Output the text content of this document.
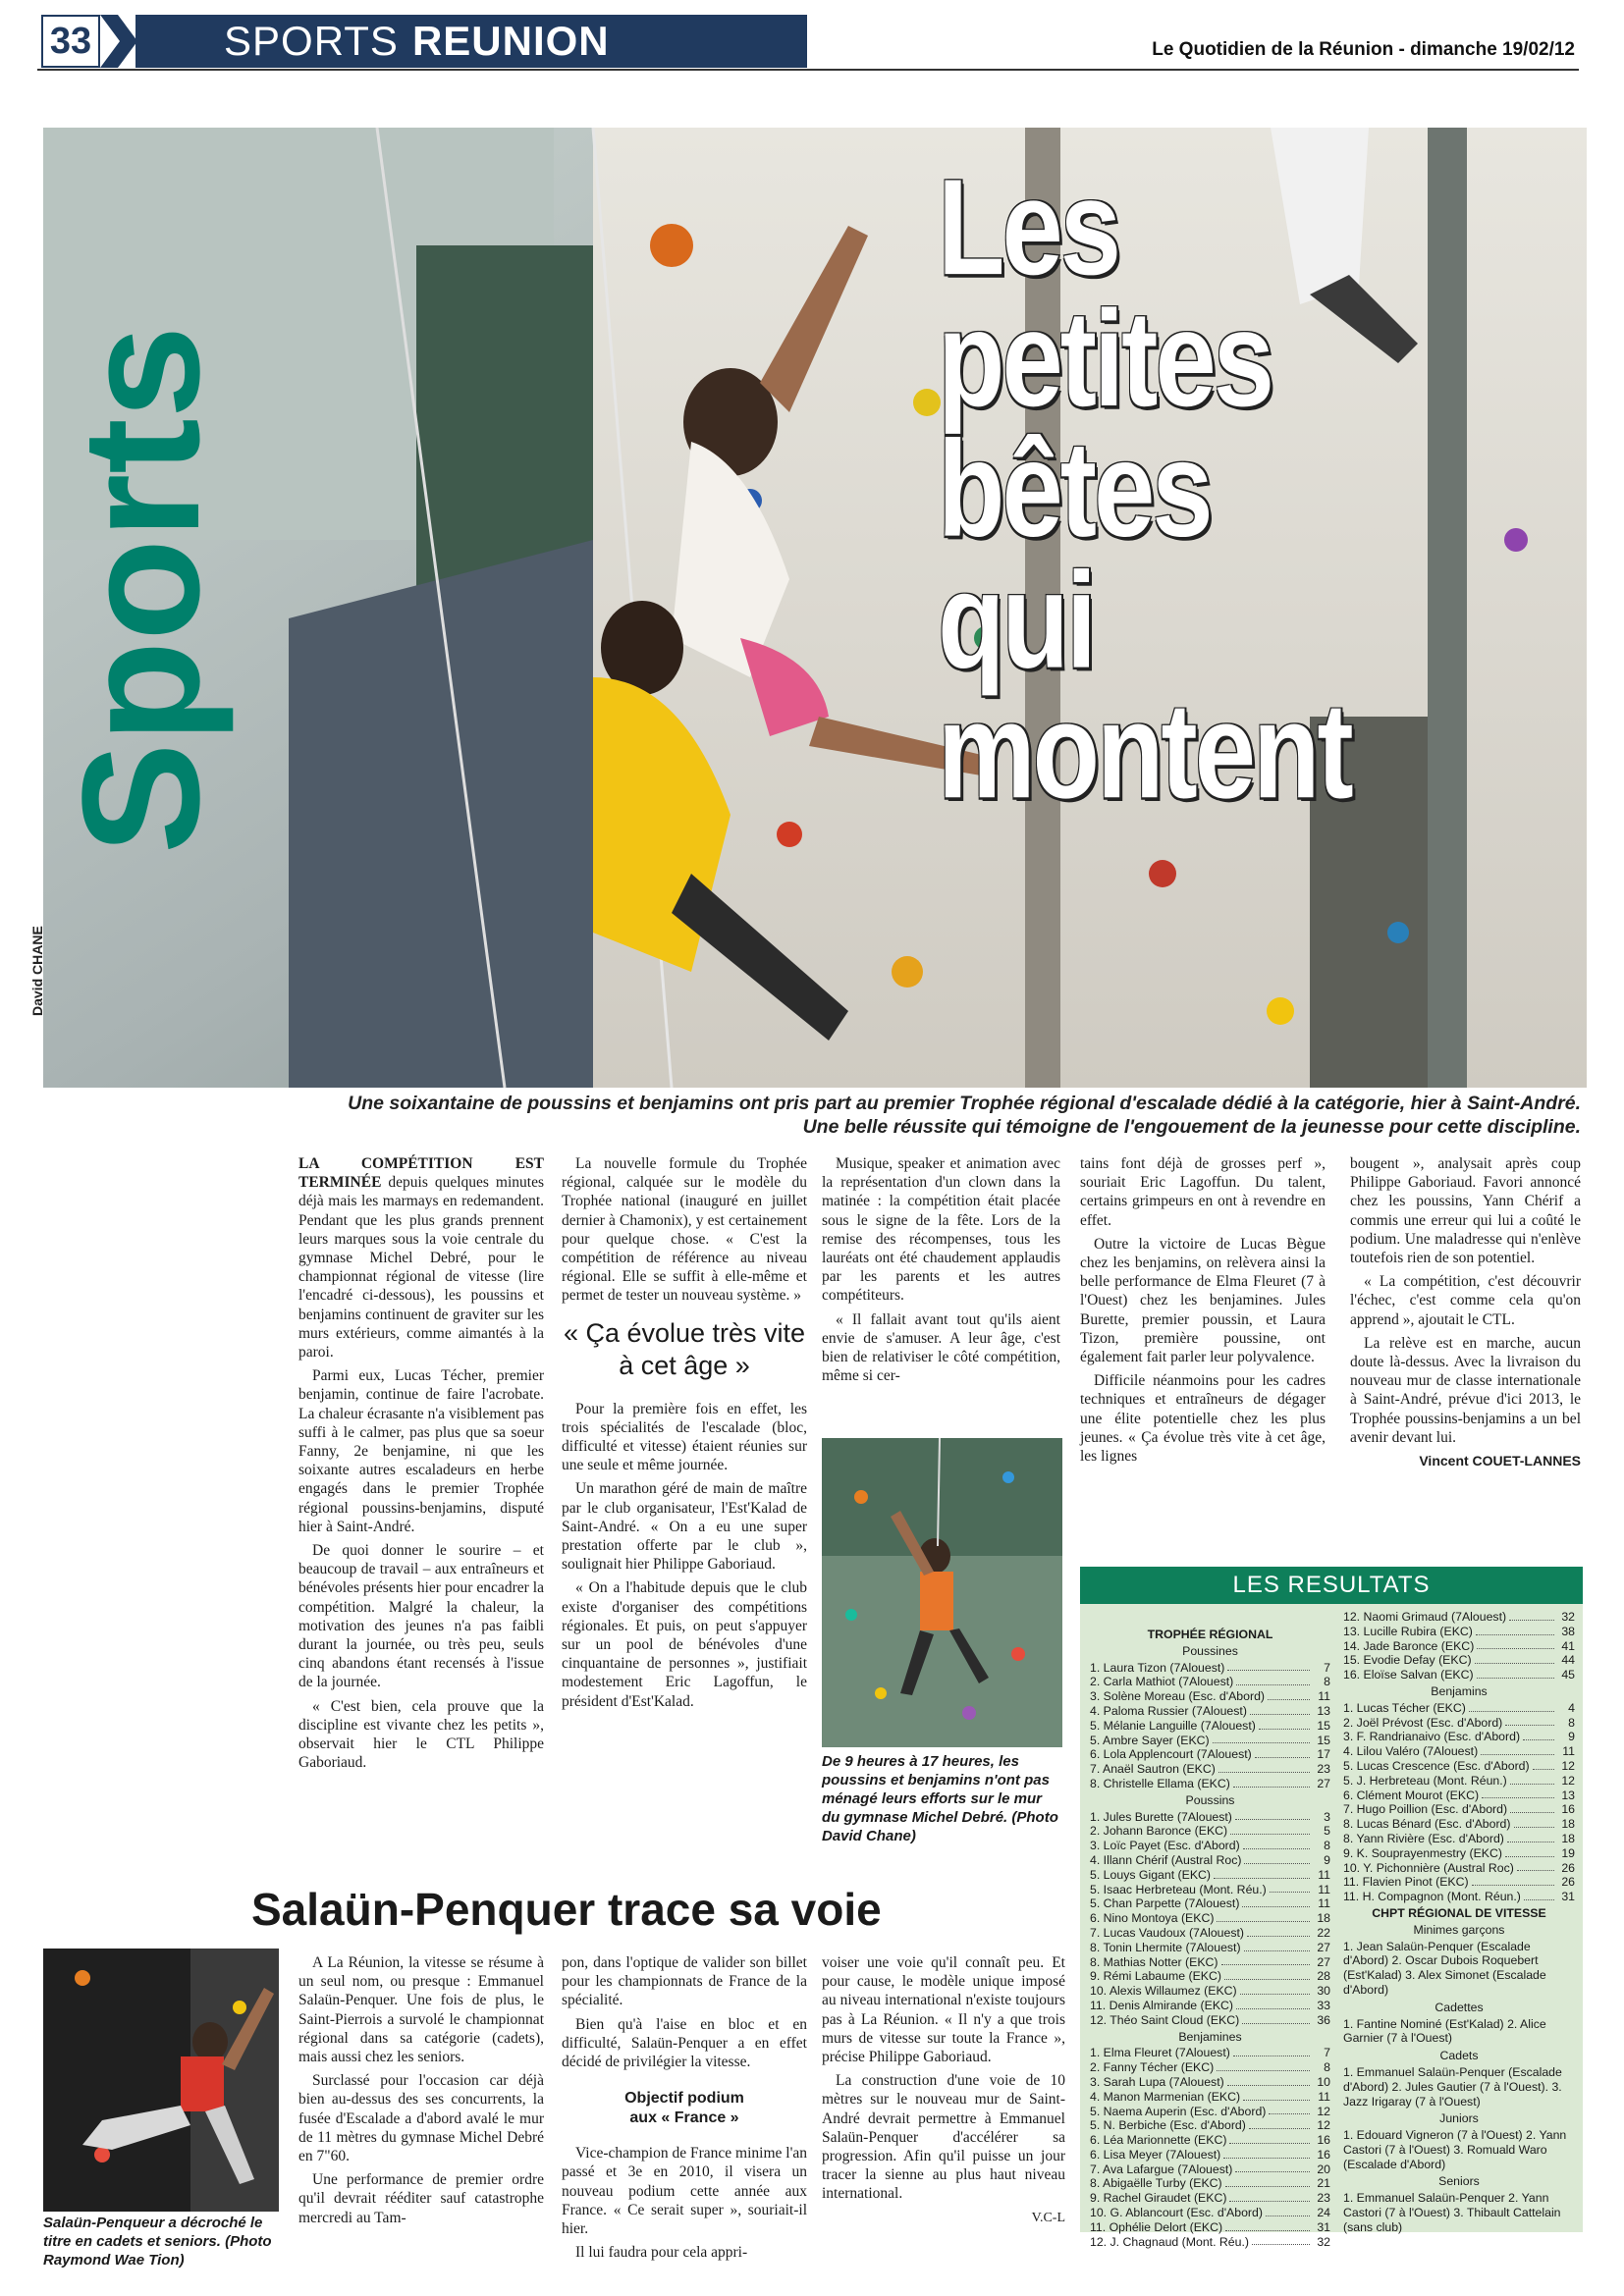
33	SPORTS REUNION	Le Quotidien de la Réunion - dimanche 19/02/12
Sports
Les
petites
bêtes
qui
montent
David CHANE
Une soixantaine de poussins et benjamins ont pris part au premier Trophée régional d'escalade dédié à la catégorie, hier à Saint-André.
Une belle réussite qui témoigne de l'engouement de la jeunesse pour cette discipline.

LA COMPÉTITION EST TERMINÉE depuis quelques minutes déjà mais les marmays en redemandent. Pendant que les plus grands prennent leurs marques sous la voie centrale du gymnase Michel Debré, pour le championnat régional de vitesse (lire l'encadré ci-dessous), les poussins et benjamins continuent de graviter sur les murs extérieurs, comme aimantés à la paroi.

Parmi eux, Lucas Técher, premier benjamin, continue de faire l'acrobate. La chaleur écrasante n'a visiblement pas suffi à le calmer, pas plus que sa soeur Fanny, 2e benjamine, ni que les soixante autres escaladeurs en herbe engagés dans le premier Trophée régional poussins-benjamins, disputé hier à Saint-André.

De quoi donner le sourire – et beaucoup de travail – aux entraîneurs et bénévoles présents hier pour encadrer la compétition. Malgré la chaleur, la motivation des jeunes n'a pas faibli durant la journée, ou très peu, seuls cinq abandons étant recensés à l'issue de la journée.

« C'est bien, cela prouve que la discipline est vivante chez les petits », observait hier le CTL Philippe Gaboriaud.

La nouvelle formule du Trophée régional, calquée sur le modèle du Trophée national (inauguré en juillet dernier à Chamonix), y est certainement pour quelque chose. « C'est la compétition de référence au niveau régional. Elle se suffit à elle-même et permet de tester un nouveau système. »

« Ça évolue très vite à cet âge »

Pour la première fois en effet, les trois spécialités de l'escalade (bloc, difficulté et vitesse) étaient réunies sur une seule et même journée.

Un marathon géré de main de maître par le club organisateur, l'Est'Kalad de Saint-André. « On a eu une super prestation offerte par le club », soulignait hier Philippe Gaboriaud.

« On a l'habitude depuis que le club existe d'organiser des compétitions régionales. Et puis, on peut s'appuyer sur un pool de bénévoles d'une cinquantaine de personnes », justifiait modestement Eric Lagoffun, le président d'Est'Kalad.

Musique, speaker et animation avec la représentation d'un clown dans la matinée : la compétition était placée sous le signe de la fête. Lors de la remise des récompenses, tous les lauréats ont été chaudement applaudis par les parents et les autres compétiteurs.

« Il fallait avant tout qu'ils aient envie de s'amuser. A leur âge, c'est bien de relativiser le côté compétition, même si cer-

De 9 heures à 17 heures, les poussins et benjamins n'ont pas ménagé leurs efforts sur le mur du gymnase Michel Debré. (Photo David Chane)

tains font déjà de grosses perf », souriait Eric Lagoffun. Du talent, certains grimpeurs en ont à revendre en effet.

Outre la victoire de Lucas Bègue chez les benjamins, on relèvera ainsi la belle performance de Elma Fleuret (7 à l'Ouest) chez les benjamines. Jules Burette, premier poussin, et Laura Tizon, première poussine, ont également fait parler leur polyvalence.

Difficile néanmoins pour les cadres techniques et entraîneurs de dégager une élite potentielle chez les plus jeunes. « Ça évolue très vite à cet âge, les lignes

bougent », analysait après coup Philippe Gaboriaud. Favori annoncé chez les poussins, Yann Chérif a commis une erreur qui lui a coûté le podium. Une maladresse qui n'enlève toutefois rien de son potentiel.

« La compétition, c'est découvrir l'échec, c'est comme cela qu'on apprend », ajoutait le CTL.

La relève est en marche, aucun doute là-dessus. Avec la livraison du nouveau mur de classe internationale à Saint-André, prévue d'ici 2013, le Trophée poussins-benjamins a un bel avenir devant lui.

Vincent COUET-LANNES
LES RESULTATS
TROPHÉE RÉGIONAL
Poussines
1. Laura Tizon (7Alouest)	7
2. Carla Mathiot (7Alouest)	8
3. Solène Moreau (Esc. d'Abord)	11
4. Paloma Russier (7Alouest)	13
5. Mélanie Languille (7Alouest)	15
5. Ambre Sayer (EKC)	15
6. Lola Applencourt (7Alouest)	17
7. Anaël Sautron (EKC)	23
8. Christelle Ellama (EKC)	27
Poussins
1. Jules Burette (7Alouest)	3
2. Johann Baronce (EKC)	5
3. Loïc Payet (Esc. d'Abord)	8
4. Illann Chérif (Austral Roc)	9
5. Louys Gigant (EKC)	11
5. Isaac Herbreteau (Mont. Réu.)	11
5. Chan Parpette (7Alouest)	11
6. Nino Montoya (EKC)	18
7. Lucas Vaudoux (7Alouest)	22
8. Tonin Lhermite (7Alouest)	27
8. Mathias Notter (EKC)	27
9. Rémi Labaume (EKC)	28
10. Alexis Willaumez (EKC)	30
11. Denis Almirande (EKC)	33
12. Théo Saint Cloud (EKC)	36
Benjamines
1. Elma Fleuret (7Alouest)	7
2. Fanny Técher (EKC)	8
3. Sarah Lupa (7Alouest)	10
4. Manon Marmenian (EKC)	11
5. Naema Auperin (Esc. d'Abord)	12
5. N. Berbiche (Esc. d'Abord)	12
6. Léa Marionnette (EKC)	16
6. Lisa Meyer (7Alouest)	16
7. Ava Lafargue (7Alouest)	20
8. Abigaëlle Turby (EKC)	21
9. Rachel Giraudet (EKC)	23
10. G. Ablancourt (Esc. d'Abord)	24
11. Ophélie Delort (EKC)	31
12. J. Chagnaud (Mont. Réu.)	32
12. Naomi Grimaud (7Alouest)	32
13. Lucille Rubira (EKC)	38
14. Jade Baronce (EKC)	41
15. Evodie Defay (EKC)	44
16. Eloïse Salvan (EKC)	45
Benjamins
1. Lucas Técher (EKC)	4
2. Joël Prévost (Esc. d'Abord)	8
3. F. Randrianaivo (Esc. d'Abord)	9
4. Lilou Valéro (7Alouest)	11
5. Lucas Crescence (Esc. d'Abord)	12
5. J. Herbreteau (Mont. Réun.)	12
6. Clément Mourot (EKC)	13
7. Hugo Poillion (Esc. d'Abord)	16
8. Lucas Bénard (Esc. d'Abord)	18
8. Yann Rivière (Esc. d'Abord)	18
9. K. Souprayenmestry (EKC)	19
10. Y. Pichonnière (Austral Roc)	26
11. Flavien Pinot (EKC)	26
11. H. Compagnon (Mont. Réun.)	31
CHPT RÉGIONAL DE VITESSE
Minimes garçons
1. Jean Salaün-Penquer (Escalade d'Abord) 2. Oscar Dubois Roquebert (Est'Kalad) 3. Alex Simonet (Escalade d'Abord)
Cadettes
1. Fantine Nominé (Est'Kalad) 2. Alice Garnier (7 à l'Ouest)
Cadets
1. Emmanuel Salaün-Penquer (Escalade d'Abord) 2. Jules Gautier (7 à l'Ouest). 3. Jazz Irigaray (7 à l'Ouest)
Juniors
1. Edouard Vigneron (7 à l'Ouest) 2. Yann Castori (7 à l'Ouest) 3. Romuald Waro (Escalade d'Abord)
Seniors
1. Emmanuel Salaün-Penquer 2. Yann Castori (7 à l'Ouest) 3. Thibault Cattelain (sans club)
Salaün-Penquer trace sa voie
Salaün-Penqueur a décroché le titre en cadets et seniors. (Photo Raymond Wae Tion)

A La Réunion, la vitesse se résume à un seul nom, ou presque : Emmanuel Salaün-Penquer. Une fois de plus, le Saint-Pierrois a survolé le championnat régional dans sa catégorie (cadets), mais aussi chez les seniors.

Surclassé pour l'occasion car déjà bien au-dessus des ses concurrents, la fusée d'Escalade a d'abord avalé le mur de 11 mètres du gymnase Michel Debré en 7"60.

Une performance de premier ordre qu'il devrait rééditer sauf catastrophe mercredi au Tam-

pon, dans l'optique de valider son billet pour les championnats de France de la spécialité.

Bien qu'à l'aise en bloc et en difficulté, Salaün-Penquer a en effet décidé de privilégier la vitesse.

Objectif podium
aux « France »

Vice-champion de France minime l'an passé et 3e en 2010, il visera un nouveau podium cette année aux France. « Ce serait super », souriait-il hier.

Il lui faudra pour cela appri-

voiser une voie qu'il connaît peu. Et pour cause, le modèle unique imposé au niveau international n'existe toujours pas à La Réunion. « Il n'y a que trois murs de vitesse sur toute la France », précise Philippe Gaboriaud.

La construction d'une voie de 10 mètres sur le nouveau mur de Saint-André devrait permettre à Emmanuel Salaün-Penquer d'accélérer sa progression. Afin qu'il puisse un jour tracer la sienne au plus haut niveau international.

V.C-L
